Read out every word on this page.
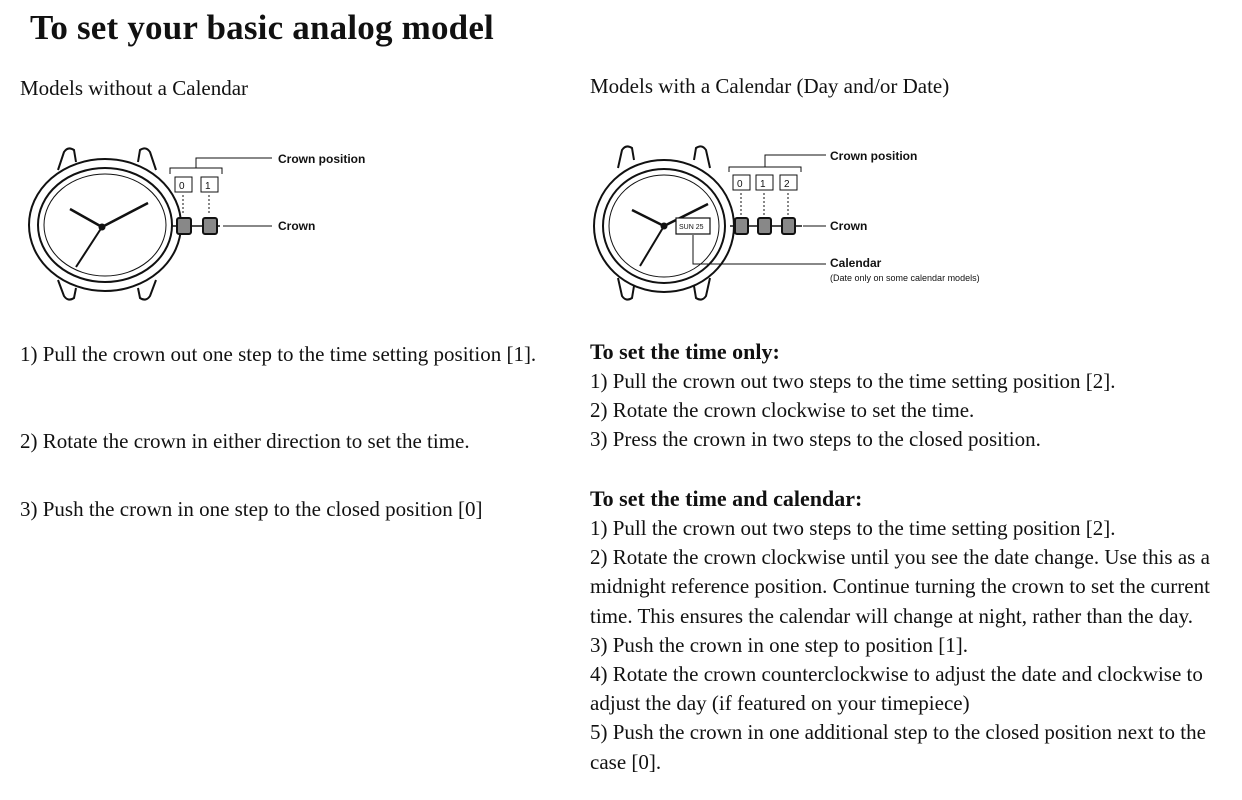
To set your basic analog model
Models without a Calendar	Models with a Calendar (Day and/or Date)
0 1
Crown position
Crown	SUN 25
0 1 2
Crown position
Crown
Calendar
(Date only on some calendar models)

1) Pull the crown out one step to the time setting position [1].

2) Rotate the crown in either direction to set the time.

3) Push the crown in one step to the closed position [0]

To set the time only:

1) Pull the crown out two steps to the time setting position [2].

2) Rotate the crown clockwise to set the time.

3) Press the crown in two steps to the closed position.

To set the time and calendar:

1) Pull the crown out two steps to the time setting position [2].

2) Rotate the crown clockwise until you see the date change. Use this as a midnight reference position. Continue turning the crown to set the current time. This ensures the calendar will change at night, rather than the day.

3) Push the crown in one step to position [1].

4) Rotate the crown counterclockwise to adjust the date and clockwise to adjust the day (if featured on your timepiece)

5) Push the crown in one additional step to the closed position next to the case [0].
